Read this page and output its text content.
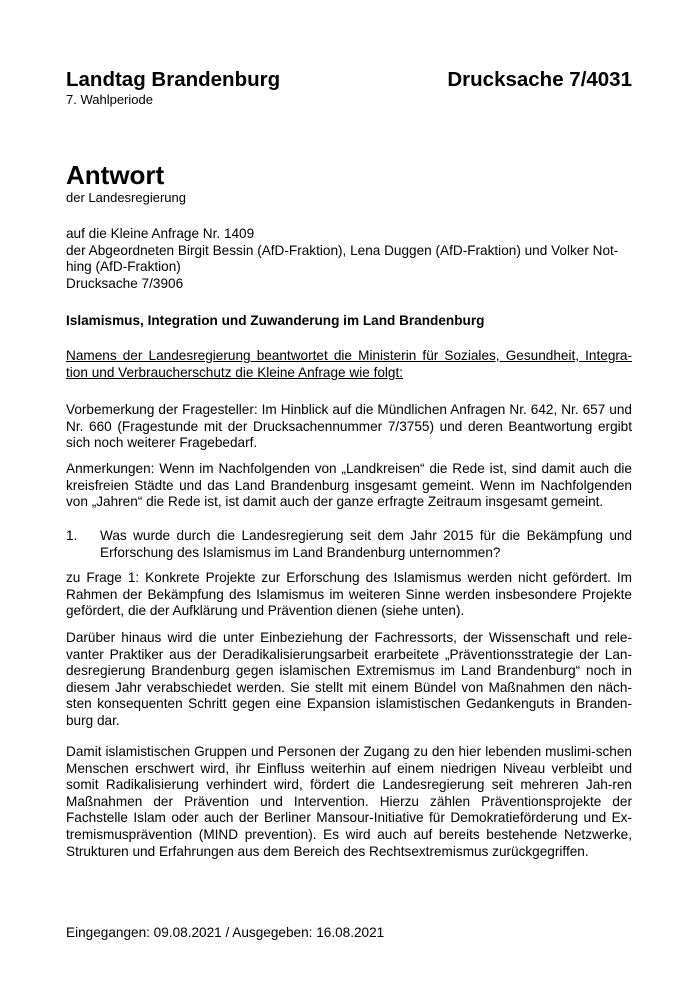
Landtag Brandenburg	Drucksache 7/4031
7. Wahlperiode
Antwort
der Landesregierung
auf die Kleine Anfrage Nr. 1409
der Abgeordneten Birgit Bessin (AfD-Fraktion), Lena Duggen (AfD-Fraktion) und Volker Not-
hing (AfD-Fraktion)
Drucksache 7/3906

Islamismus, Integration und Zuwanderung im Land Brandenburg

Namens der Landesregierung beantwortet die Ministerin für Soziales, Gesundheit, Integra-tion und Verbraucherschutz die Kleine Anfrage wie folgt:

Vorbemerkung der Fragesteller: Im Hinblick auf die Mündlichen Anfragen Nr. 642, Nr. 657 und Nr. 660 (Fragestunde mit der Drucksachennummer 7/3755) und deren Beantwortung ergibt sich noch weiterer Fragebedarf.

Anmerkungen: Wenn im Nachfolgenden von „Landkreisen“ die Rede ist, sind damit auch die kreisfreien Städte und das Land Brandenburg insgesamt gemeint. Wenn im Nachfolgenden von „Jahren“ die Rede ist, ist damit auch der ganze erfragte Zeitraum insgesamt gemeint.

1. Was wurde durch die Landesregierung seit dem Jahr 2015 für die Bekämpfung und Erforschung des Islamismus im Land Brandenburg unternommen?

zu Frage 1: Konkrete Projekte zur Erforschung des Islamismus werden nicht gefördert. Im Rahmen der Bekämpfung des Islamismus im weiteren Sinne werden insbesondere Projekte gefördert, die der Aufklärung und Prävention dienen (siehe unten).

Darüber hinaus wird die unter Einbeziehung der Fachressorts, der Wissenschaft und rele-vanter Praktiker aus der Deradikalisierungsarbeit erarbeitete „Präventionsstrategie der Lan-desregierung Brandenburg gegen islamischen Extremismus im Land Brandenburg“ noch in diesem Jahr verabschiedet werden. Sie stellt mit einem Bündel von Maßnahmen den näch-sten konsequenten Schritt gegen eine Expansion islamistischen Gedankenguts in Branden-burg dar.

Damit islamistischen Gruppen und Personen der Zugang zu den hier lebenden muslimi-schen Menschen erschwert wird, ihr Einfluss weiterhin auf einem niedrigen Niveau verbleibt und somit Radikalisierung verhindert wird, fördert die Landesregierung seit mehreren Jah-ren Maßnahmen der Prävention und Intervention. Hierzu zählen Präventionsprojekte der Fachstelle Islam oder auch der Berliner Mansour-Initiative für Demokratieförderung und Ex-tremismusprävention (MIND prevention). Es wird auch auf bereits bestehende Netzwerke, Strukturen und Erfahrungen aus dem Bereich des Rechtsextremismus zurückgegriffen.

Eingegangen: 09.08.2021 / Ausgegeben: 16.08.2021
